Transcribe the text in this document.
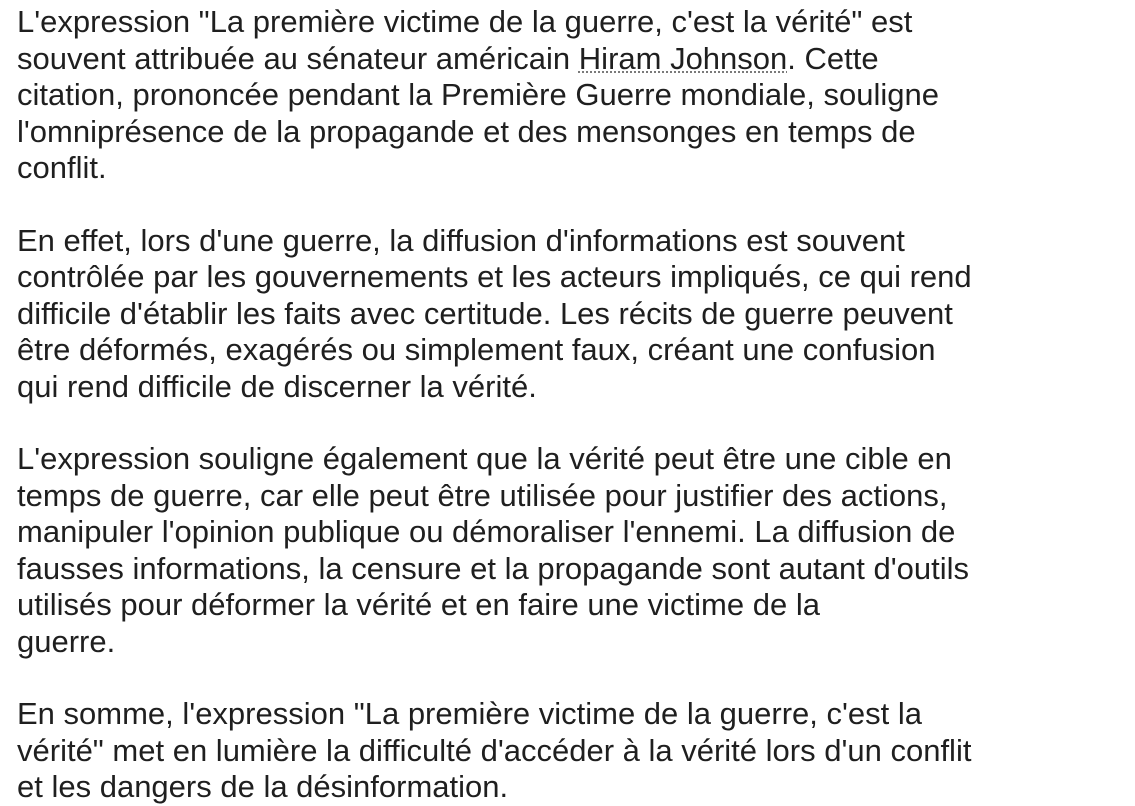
L'expression "La première victime de la guerre, c'est la vérité" est
souvent attribuée au sénateur américain Hiram Johnson. Cette
citation, prononcée pendant la Première Guerre mondiale, souligne
l'omniprésence de la propagande et des mensonges en temps de
conflit.

En effet, lors d'une guerre, la diffusion d'informations est souvent
contrôlée par les gouvernements et les acteurs impliqués, ce qui rend
difficile d'établir les faits avec certitude. Les récits de guerre peuvent
être déformés, exagérés ou simplement faux, créant une confusion
qui rend difficile de discerner la vérité.

L'expression souligne également que la vérité peut être une cible en
temps de guerre, car elle peut être utilisée pour justifier des actions,
manipuler l'opinion publique ou démoraliser l'ennemi. La diffusion de
fausses informations, la censure et la propagande sont autant d'outils
utilisés pour déformer la vérité et en faire une victime de la
guerre.

En somme, l'expression "La première victime de la guerre, c'est la
vérité" met en lumière la difficulté d'accéder à la vérité lors d'un conflit
et les dangers de la désinformation.
